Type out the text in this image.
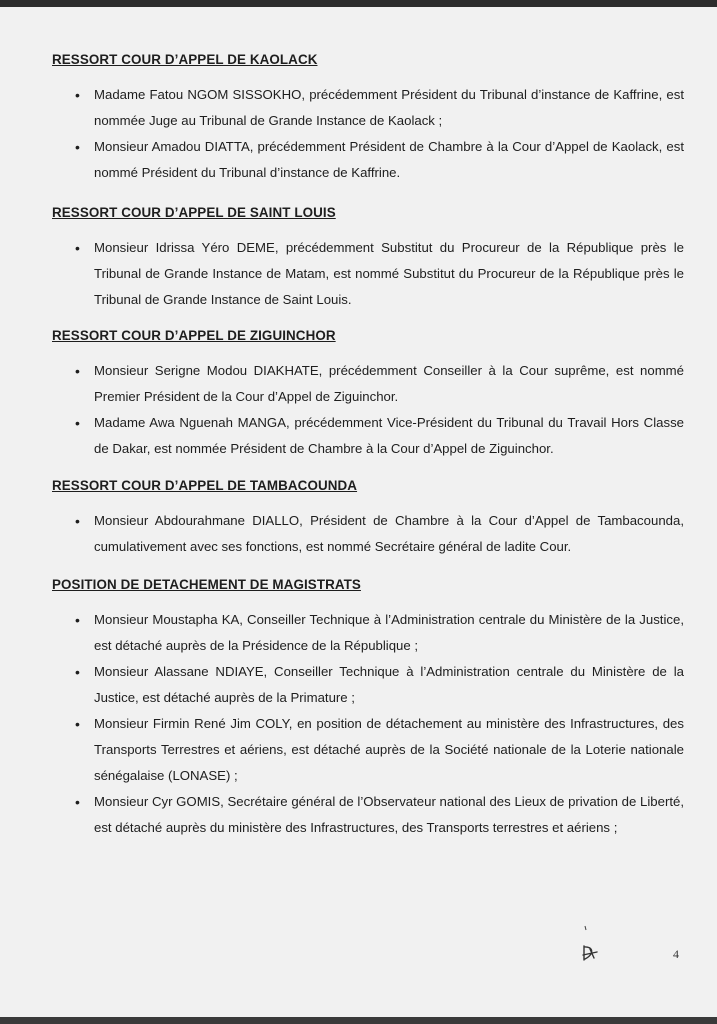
RESSORT COUR D’APPEL DE KAOLACK
• Madame Fatou NGOM SISSOKHO, précédemment Président du Tribunal d’instance de Kaffrine, est nommée Juge au Tribunal de Grande Instance de Kaolack ;
• Monsieur Amadou DIATTA, précédemment Président de Chambre à la Cour d’Appel de Kaolack, est nommé Président du Tribunal d’instance de Kaffrine.
RESSORT COUR D’APPEL DE SAINT LOUIS
• Monsieur Idrissa Yéro DEME, précédemment Substitut du Procureur de la République près le Tribunal de Grande Instance de Matam, est nommé Substitut du Procureur de la République près le Tribunal de Grande Instance de Saint Louis.
RESSORT COUR D’APPEL DE ZIGUINCHOR
• Monsieur Serigne Modou DIAKHATE, précédemment Conseiller à la Cour suprême, est nommé Premier Président de la Cour d’Appel de Ziguinchor.
• Madame Awa Nguenah MANGA, précédemment Vice-Président du Tribunal du Travail Hors Classe de Dakar, est nommée Président de Chambre à la Cour d’Appel de Ziguinchor.
RESSORT COUR D’APPEL DE TAMBACOUNDA
• Monsieur Abdourahmane DIALLO, Président de Chambre à la Cour d’Appel de Tambacounda, cumulativement avec ses fonctions, est nommé Secrétaire général de ladite Cour.
POSITION DE DETACHEMENT DE MAGISTRATS
• Monsieur Moustapha KA, Conseiller Technique à l’Administration centrale du Ministère de la Justice, est détaché auprès de la Présidence de la République ;
• Monsieur Alassane NDIAYE, Conseiller Technique à l’Administration centrale du Ministère de la Justice, est détaché auprès de la Primature ;
• Monsieur Firmin René Jim COLY, en position de détachement au ministère des Infrastructures, des Transports Terrestres et aériens, est détaché auprès de la Société nationale de la Loterie nationale sénégalaise (LONASE) ;
• Monsieur Cyr GOMIS, Secrétaire général de l’Observateur national des Lieux de privation de Liberté, est détaché auprès du ministère des Infrastructures, des Transports terrestres et aériens ;
4
